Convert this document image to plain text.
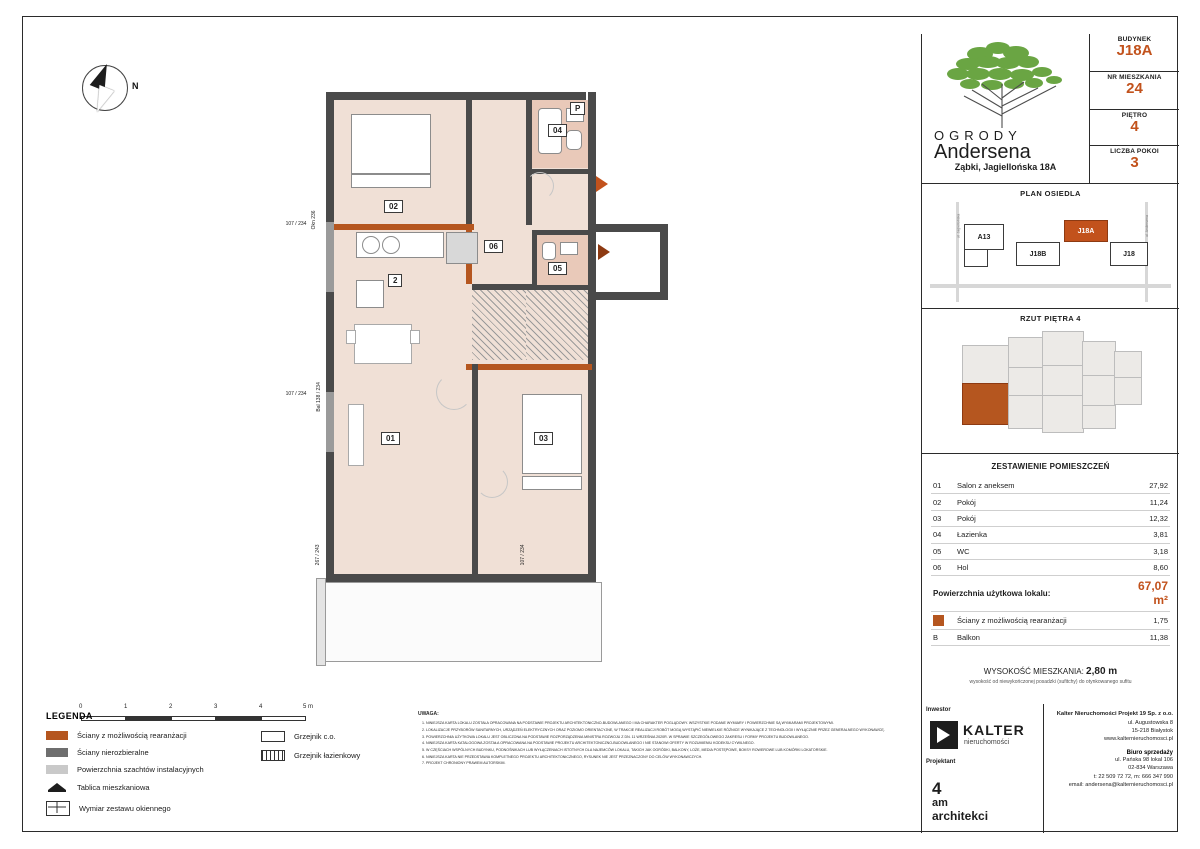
N
02
2
01	03
04
05
06
P
107 / 234 Okn 236
107 / 234	Bal 138 / 234
267 / 243	107 / 234
0	1	2	3	4	5 m
LEGENDA
Ściany z możliwością rearanżacji
Ściany nierozbieralne
Powierzchnia szachtów instalacyjnych
Tablica mieszkaniowa
Wymiar zestawu okiennego
Grzejnik c.o.
Grzejnik łazienkowy
UWAGA:
1. NINIEJSZA KARTA LOKALU ZOSTAŁA OPRACOWANA NA PODSTAWIE PROJEKTU ARCHITEKTONICZNO-BUDOWLANEGO I MA CHARAKTER POGLĄDOWY. WSZYSTKIE PODANE WYMIARY I POWIERZCHNIE SĄ WYMIARAMI PROJEKTOWYMI.
2. LOKALIZACJE PRZYBORÓW SANITARNYCH, URZĄDZEŃ ELEKTRYCZNYCH ORAZ POZIOMO ORIENTACYJNE, W TRAKCIE REALIZACJI ROBÓT MOGĄ WYSTĄPIĆ NIEWIELKIE RÓŻNICE WYNIKAJĄCE Z TECHNOLOGII I WYŁĄCZNIE PRZEZ GENERALNEGO WYKONAWCĘ.
3. POWIERZCHNIA UŻYTKOWA LOKALU JEST OBLICZONA NA PODSTAWIE ROZPORZĄDZENIA MINISTRA ROZWOJU Z DN. 11 WRZEŚNIA 2020R. W SPRAWIE SZCZEGÓŁOWEGO ZAKRESU I FORMY PROJEKTU BUDOWLANEGO.
4. NINIEJSZA KARTA KATALOGOWA ZOSTAŁA OPRACOWANA NA PODSTAWIE PROJEKTU ARCHITEKTONICZNO-BUDOWLANEGO I NIE STANOWI OFERTY W ROZUMIENIU KODEKSU CYWILNEGO.
5. W CZĘŚCIACH WSPÓLNYCH BUDYNKU, PODNOŚNIKACH LUB WYŁĄCZENIACH ISTOTNYCH DLA NAJEMCÓW LOKALU, TAKICH JAK OGRÓDKI, BALKONY, LOŻE, MEDIA POSTĘPOWE, BOKSY ROWEROWE LUB KOMÓRKI LOKATORSKIE.
6. NINIEJSZA KARTA NIE PRZEDSTAWIA KOMPLETNEGO PROJEKTU ARCHITEKTONICZNEGO, RYSUNEK NIE JEST PRZEZNACZONY DO CELÓW WYKONAWCZYCH.
7. PROJEKT CHRONIONY PRAWEM AUTORSKIM.
OGRODY
Andersena
Ząbki, Jagiellońska 18A
BUDYNEK
J18A
NR MIESZKANIA
24
PIĘTRO
4
LICZBA POKOI
3
PLAN OSIEDLA
ul. Jagiellońska	ul. Andersena
A13
J18B
J18A
J18
RZUT PIĘTRA 4
ZESTAWIENIE POMIESZCZEŃ
01	Salon z aneksem	27,92
02	Pokój	11,24
03	Pokój	12,32
04	Łazienka	3,81
05	WC	3,18
06	Hol	8,60
Powierzchnia użytkowa lokalu:		67,07 m²
	Ściany z możliwością rearanżacji	1,75
B	Balkon	11,38
WYSOKOŚĆ MIESZKANIA: 2,80 m
wysokość od niewykończonej posadzki (sufitchy) do otynkowanego sufitu
Inwestor
KALTER
nieruchomości
Projektant
4
am
architekci
Kalter Nieruchomości Projekt 19 Sp. z o.o.
ul. Augustowska 8
15-218 Białystok
www.kalternieruchomosci.pl
Biuro sprzedaży
ul. Pańska 98 lokal 106
02-834 Warszawa
t: 22 509 72 72, m: 666 347 990
email: andersena@kalternieruchomosci.pl
